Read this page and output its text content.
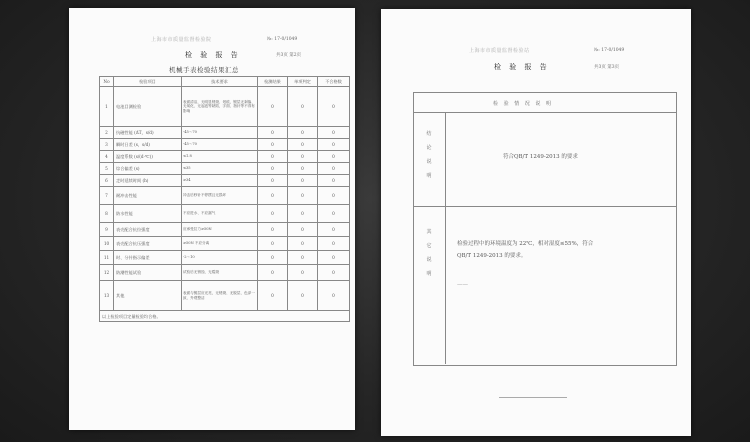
上海市市质量监督检验院	№: 17-0/1049
检 验 报 告	共3页 第2页
机械手表检验结果汇总
No	检验项目	技术要求	检测结果	单项判定	不合格数
1	电池目测检验	表面清洁，无明显锈斑、划痕，镀层无剥落、无氧化、无起泡等缺陷，字面、指针等不得有影响	0	0	0
2	抗磁性能 (ΔT，s/d)	-45～70	0	0	0
3	瞬时日差 (s，s/d)	-45～70	0	0	0
4	温度系数 (s/(d·℃))	≤1.8	0	0	0
5	综合偏差 (s)	≤35	0	0	0
6	走时延续时间 (h)	≥34	0	0	0
7	耐冲击性能	冲击后秒针不停摆且无损坏	0	0	0
8	防水性能	不应进水、不应漏气	0	0	0
9	表壳配合抗拉强度	应承受拉力≥50N	0	0	0
10	表壳配合抗压强度	≥50N 不应分离	0	0	0
11	时、分针指示偏差	-2～10	0	0	0
12	防潮性能试验	试验后无锈蚀、无霉斑	0	0	0
13	其他	表面与镀层应光亮，无锈斑、无脱层、色泽一致、外观整洁	0	0	0
以上检验项目定量检验均合格。					
上海市市质量监督检验站	№: 17-0/1049
检 验 报 告	共3页 第3页
检 验 情 况 说 明
结论说明
符合QB/T 1249-2013 的要求
其它说明
检验过程中的环境温度为 22℃，相对湿度≤55%，符合
QB/T 1249-2013 的要求。
——
